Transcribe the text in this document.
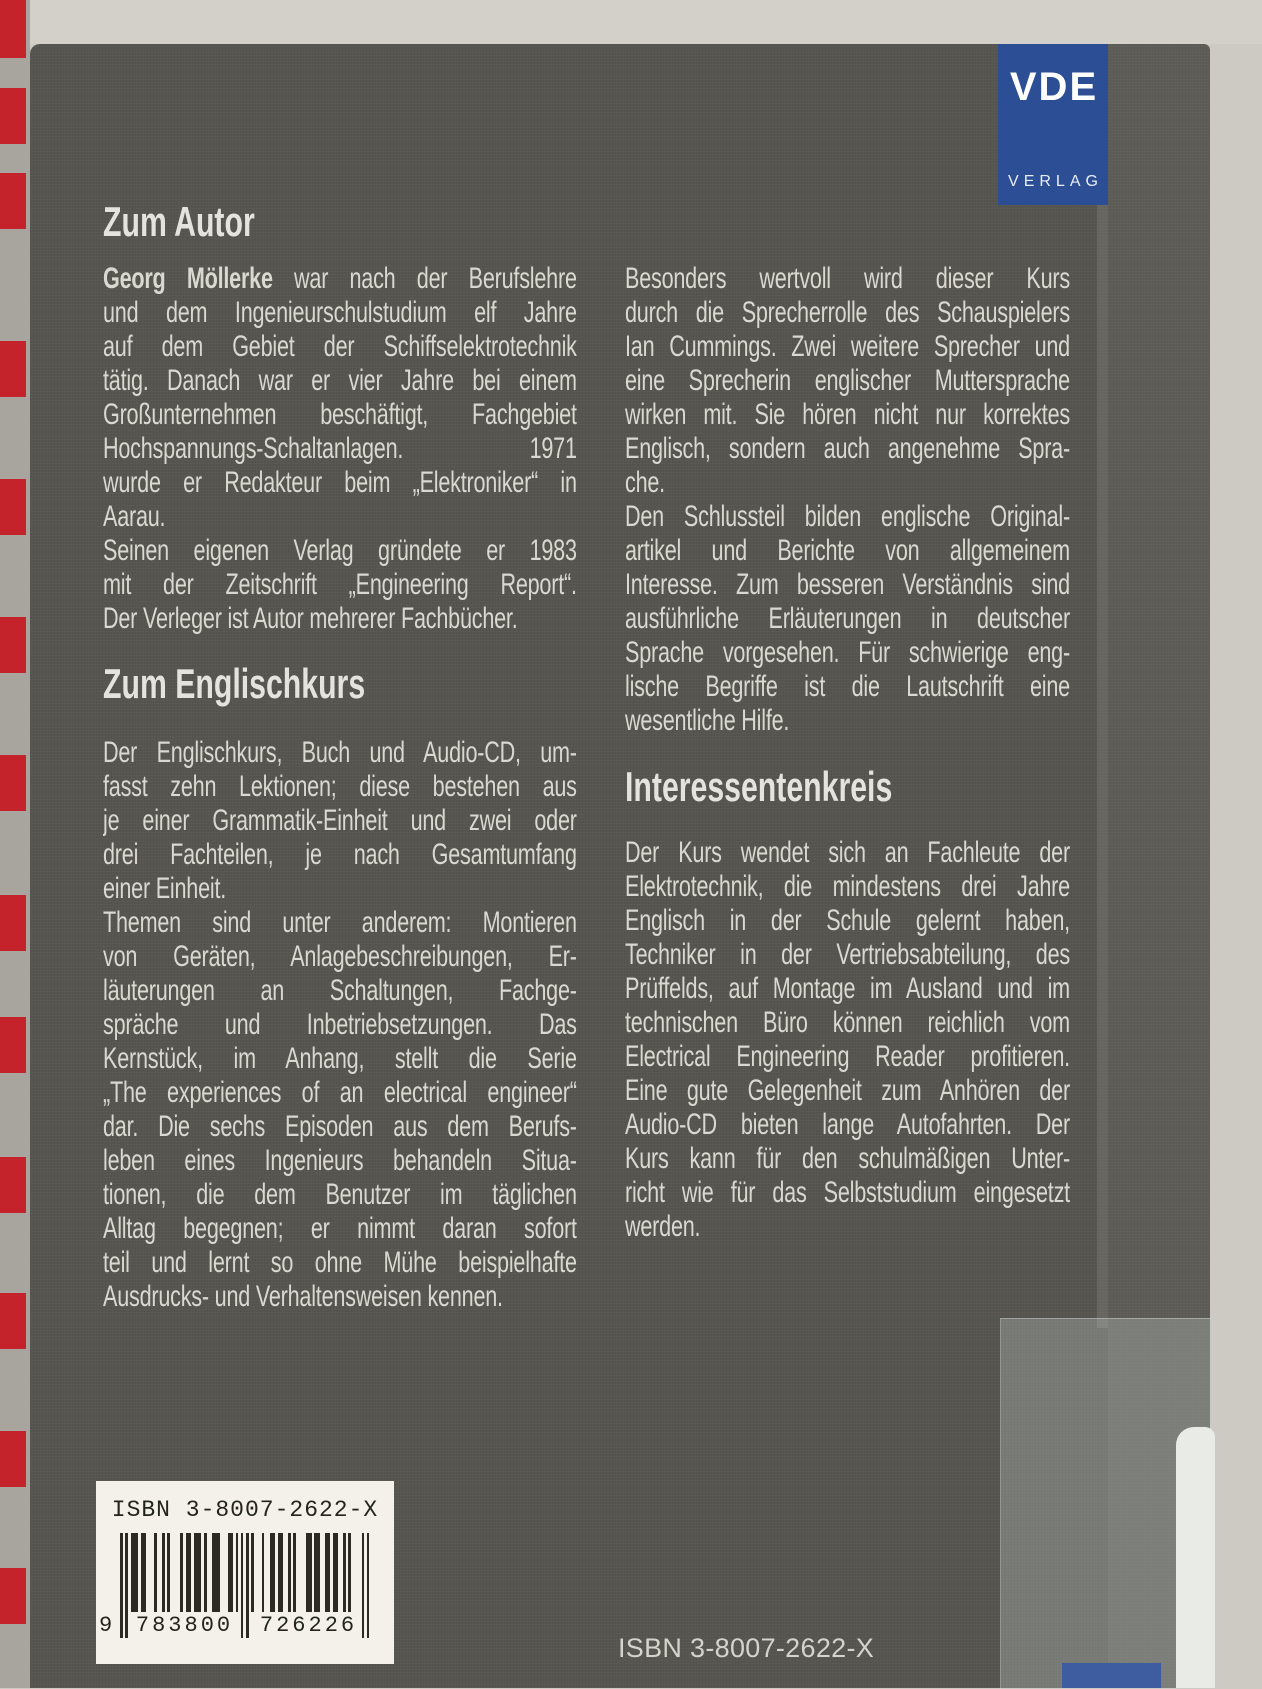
VDE
VERLAG
Zum Autor
Georg Möllerke war nach der Berufslehre
und dem Ingenieurschulstudium elf Jahre
auf dem Gebiet der Schiffselektrotechnik
tätig. Danach war er vier Jahre bei einem
Großunternehmen beschäftigt, Fachgebiet
Hochspannungs-Schaltanlagen. 1971
wurde er Redakteur beim „Elektroniker“ in
Aarau.
Seinen eigenen Verlag gründete er 1983
mit der Zeitschrift „Engineering Report“.
Der Verleger ist Autor mehrerer Fachbücher.
Zum Englischkurs
Der Englischkurs, Buch und Audio-CD, um-
fasst zehn Lektionen; diese bestehen aus
je einer Grammatik-Einheit und zwei oder
drei Fachteilen, je nach Gesamtumfang
einer Einheit.
Themen sind unter anderem: Montieren
von Geräten, Anlagebeschreibungen, Er-
läuterungen an Schaltungen, Fachge-
spräche und Inbetriebsetzungen. Das
Kernstück, im Anhang, stellt die Serie
„The experiences of an electrical engineer“
dar. Die sechs Episoden aus dem Berufs-
leben eines Ingenieurs behandeln Situa-
tionen, die dem Benutzer im täglichen
Alltag begegnen; er nimmt daran sofort
teil und lernt so ohne Mühe beispielhafte
Ausdrucks- und Verhaltensweisen kennen.
Besonders wertvoll wird dieser Kurs
durch die Sprecherrolle des Schauspielers
Ian Cummings. Zwei weitere Sprecher und
eine Sprecherin englischer Muttersprache
wirken mit. Sie hören nicht nur korrektes
Englisch, sondern auch angenehme Spra-
che.
Den Schlussteil bilden englische Original-
artikel und Berichte von allgemeinem
Interesse. Zum besseren Verständnis sind
ausführliche Erläuterungen in deutscher
Sprache vorgesehen. Für schwierige eng-
lische Begriffe ist die Lautschrift eine
wesentliche Hilfe.
Interessentenkreis
Der Kurs wendet sich an Fachleute der
Elektrotechnik, die mindestens drei Jahre
Englisch in der Schule gelernt haben,
Techniker in der Vertriebsabteilung, des
Prüffelds, auf Montage im Ausland und im
technischen Büro können reichlich vom
Electrical Engineering Reader profitieren.
Eine gute Gelegenheit zum Anhören der
Audio-CD bieten lange Autofahrten. Der
Kurs kann für den schulmäßigen Unter-
richt wie für das Selbststudium eingesetzt
werden.
ISBN 3-8007-2622-X
9	783800	726226
ISBN 3-8007-2622-X
